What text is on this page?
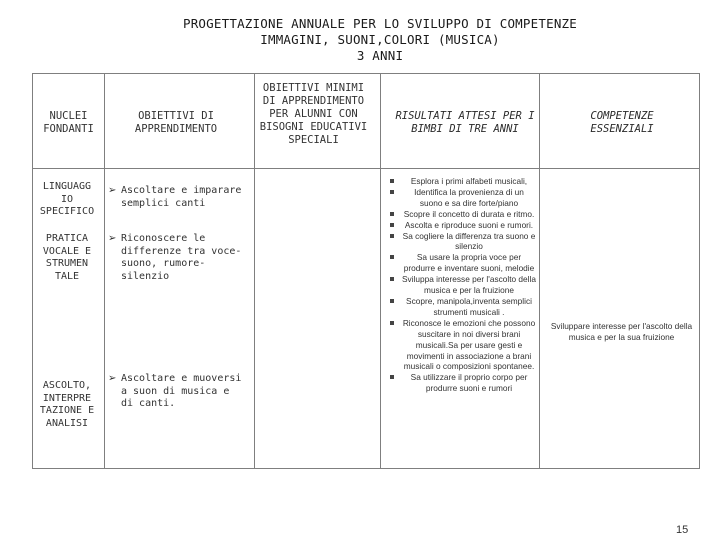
PROGETTAZIONE ANNUALE PER LO SVILUPPO DI COMPETENZE
IMMAGINI, SUONI,COLORI (MUSICA)
3 ANNI
NUCLEI FONDANTI
OBIETTIVI DI APPRENDIMENTO
OBIETTIVI MINIMI DI APPRENDIMENTO PER ALUNNI CON BISOGNI EDUCATIVI SPECIALI
RISULTATI ATTESI PER I BIMBI DI TRE ANNI
COMPETENZE ESSENZIALI
LINGUAGG IO SPECIFICO
PRATICA VOCALE E STRUMEN TALE
ASCOLTO, INTERPRE TAZIONE E ANALISI
➢ Ascoltare e imparare semplici canti
➢ Riconoscere le differenze tra voce-suono, rumore-silenzio
➢ Ascoltare e muoversi a suon di musica e di canti.
Esplora i primi alfabeti musicali,
Identifica la provenienza di un suono e sa dire forte/piano
Scopre il concetto di durata e ritmo.
Ascolta e riproduce suoni e rumori.
Sa cogliere la differenza tra suono e silenzio
Sa usare la propria voce per produrre e inventare suoni, melodie
Sviluppa interesse per l'ascolto della musica e per la fruizione
Scopre, manipola,inventa semplici strumenti musicali .
Riconosce le emozioni che possono suscitare in noi diversi brani musicali.Sa per usare gesti e movimenti in associazione a brani musicali o composizioni spontanee.
Sa utilizzare il proprio corpo per produrre suoni e rumori
Sviluppare interesse per l'ascolto della musica e per la sua fruizione
15
